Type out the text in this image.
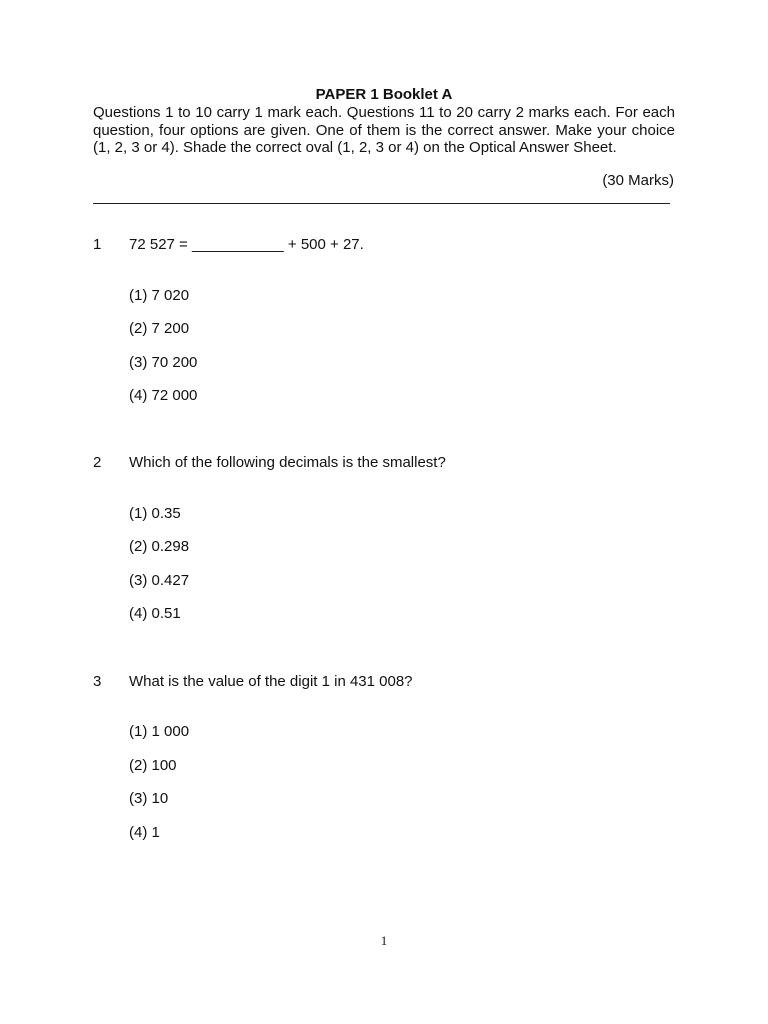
PAPER 1 Booklet A
Questions 1 to 10 carry 1 mark each. Questions 11 to 20 carry 2 marks each. For each question, four options are given. One of them is the correct answer. Make your choice (1, 2, 3 or 4). Shade the correct oval (1, 2, 3 or 4) on the Optical Answer Sheet.
(30 Marks)
1 72 527 = ___________ + 500 + 27.
(1) 7 020
(2) 7 200
(3) 70 200
(4) 72 000
2 Which of the following decimals is the smallest?
(1) 0.35
(2) 0.298
(3) 0.427
(4) 0.51
3 What is the value of the digit 1 in 431 008?
(1) 1 000
(2) 100
(3) 10
(4) 1
1
